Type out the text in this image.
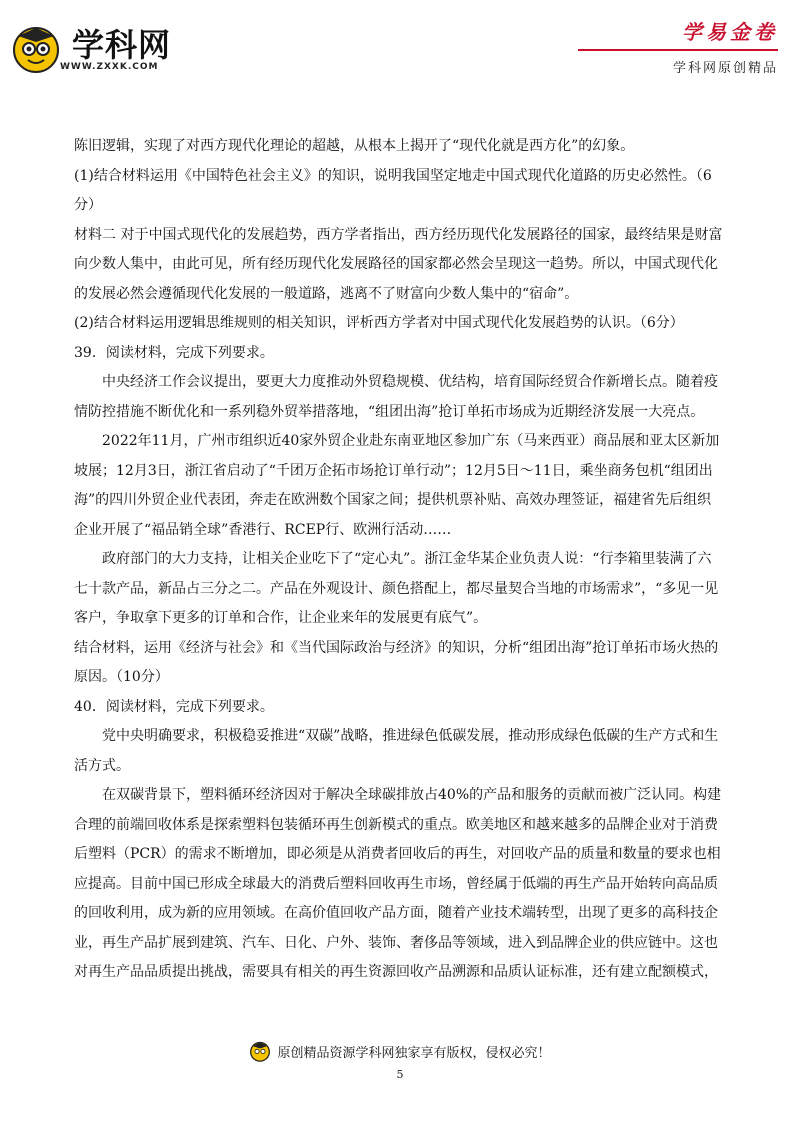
学科网
WWW.ZXXK.COM
学易金卷
学科网原创精品

陈旧逻辑，实现了对西方现代化理论的超越，从根本上揭开了“现代化就是西方化”的幻象。

(1)结合材料运用《中国特色社会主义》的知识，说明我国坚定地走中国式现代化道路的历史必然性。（6

分）

材料二 对于中国式现代化的发展趋势，西方学者指出，西方经历现代化发展路径的国家，最终结果是财富向少数人集中，由此可见，所有经历现代化发展路径的国家都必然会呈现这一趋势。所以，中国式现代化的发展必然会遵循现代化发展的一般道路，逃离不了财富向少数人集中的“宿命”。

(2)结合材料运用逻辑思维规则的相关知识，评析西方学者对中国式现代化发展趋势的认识。（6分）

39．阅读材料，完成下列要求。

中央经济工作会议提出，要更大力度推动外贸稳规模、优结构，培育国际经贸合作新增长点。随着疫情防控措施不断优化和一系列稳外贸举措落地，“组团出海”抢订单拓市场成为近期经济发展一大亮点。

2022年11月，广州市组织近40家外贸企业赴东南亚地区参加广东（马来西亚）商品展和亚太区新加坡展；12月3日，浙江省启动了“千团万企拓市场抢订单行动”；12月5日～11日，乘坐商务包机“组团出海”的四川外贸企业代表团，奔走在欧洲数个国家之间；提供机票补贴、高效办理签证，福建省先后组织企业开展了“福品销全球”香港行、RCEP行、欧洲行活动……

政府部门的大力支持，让相关企业吃下了“定心丸”。浙江金华某企业负责人说：“行李箱里装满了六七十款产品，新品占三分之二。产品在外观设计、颜色搭配上，都尽量契合当地的市场需求”，“多见一见客户，争取拿下更多的订单和合作，让企业来年的发展更有底气”。

结合材料，运用《经济与社会》和《当代国际政治与经济》的知识，分析“组团出海”抢订单拓市场火热的原因。（10分）

40．阅读材料，完成下列要求。

党中央明确要求，积极稳妥推进“双碳”战略，推进绿色低碳发展，推动形成绿色低碳的生产方式和生活方式。

在双碳背景下，塑料循环经济因对于解决全球碳排放占40%的产品和服务的贡献而被广泛认同。构建合理的前端回收体系是探索塑料包装循环再生创新模式的重点。欧美地区和越来越多的品牌企业对于消费后塑料（PCR）的需求不断增加，即必须是从消费者回收后的再生，对回收产品的质量和数量的要求也相应提高。目前中国已形成全球最大的消费后塑料回收再生市场，曾经属于低端的再生产品开始转向高品质的回收利用，成为新的应用领域。在高价值回收产品方面，随着产业技术端转型，出现了更多的高科技企业，再生产品扩展到建筑、汽车、日化、户外、装饰、奢侈品等领域，进入到品牌企业的供应链中。这也对再生产品品质提出挑战，需要具有相关的再生资源回收产品溯源和品质认证标准，还有建立配额模式，

原创精品资源学科网独家享有版权，侵权必究！
5
